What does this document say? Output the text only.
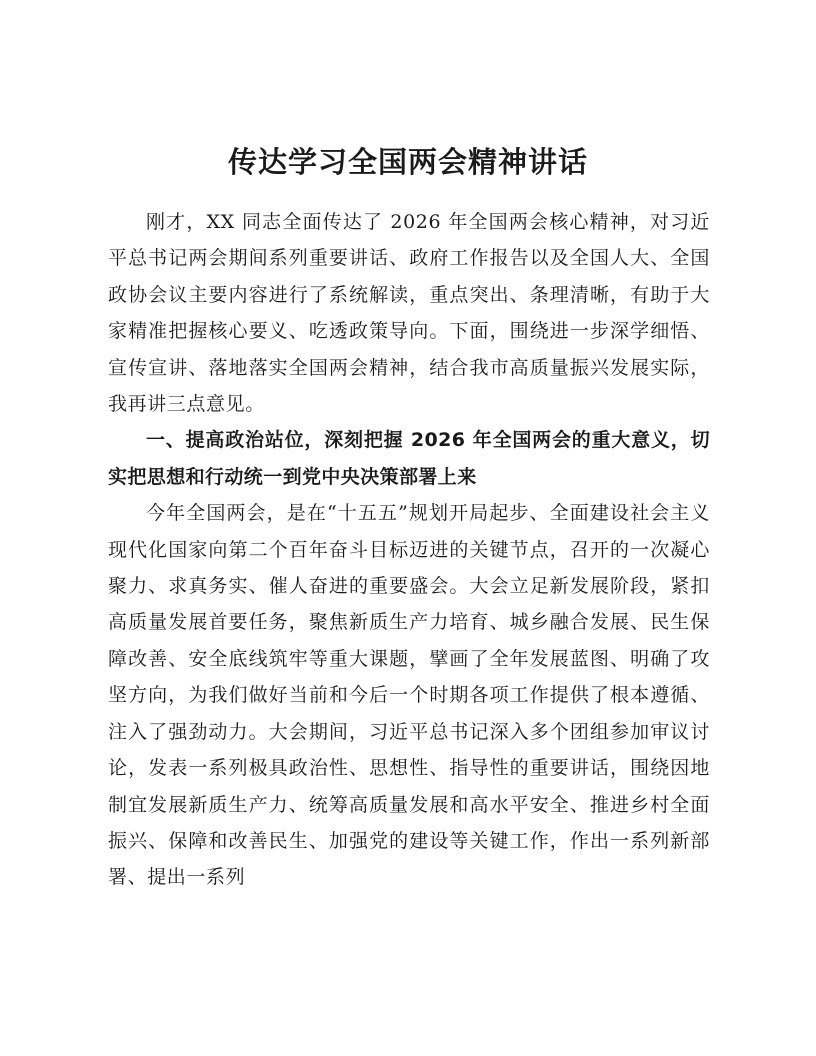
传达学习全国两会精神讲话

刚才，XX 同志全面传达了 2026 年全国两会核心精神，对习近平总书记两会期间系列重要讲话、政府工作报告以及全国人大、全国政协会议主要内容进行了系统解读，重点突出、条理清晰，有助于大家精准把握核心要义、吃透政策导向。下面，围绕进一步深学细悟、宣传宣讲、落地落实全国两会精神，结合我市高质量振兴发展实际，我再讲三点意见。

一、提高政治站位，深刻把握 2026 年全国两会的重大意义，切实把思想和行动统一到党中央决策部署上来

今年全国两会，是在“十五五”规划开局起步、全面建设社会主义现代化国家向第二个百年奋斗目标迈进的关键节点，召开的一次凝心聚力、求真务实、催人奋进的重要盛会。大会立足新发展阶段，紧扣高质量发展首要任务，聚焦新质生产力培育、城乡融合发展、民生保障改善、安全底线筑牢等重大课题，擘画了全年发展蓝图、明确了攻坚方向，为我们做好当前和今后一个时期各项工作提供了根本遵循、注入了强劲动力。大会期间，习近平总书记深入多个团组参加审议讨论，发表一系列极具政治性、思想性、指导性的重要讲话，围绕因地制宜发展新质生产力、统筹高质量发展和高水平安全、推进乡村全面振兴、保障和改善民生、加强党的建设等关键工作，作出一系列新部署、提出一系列
